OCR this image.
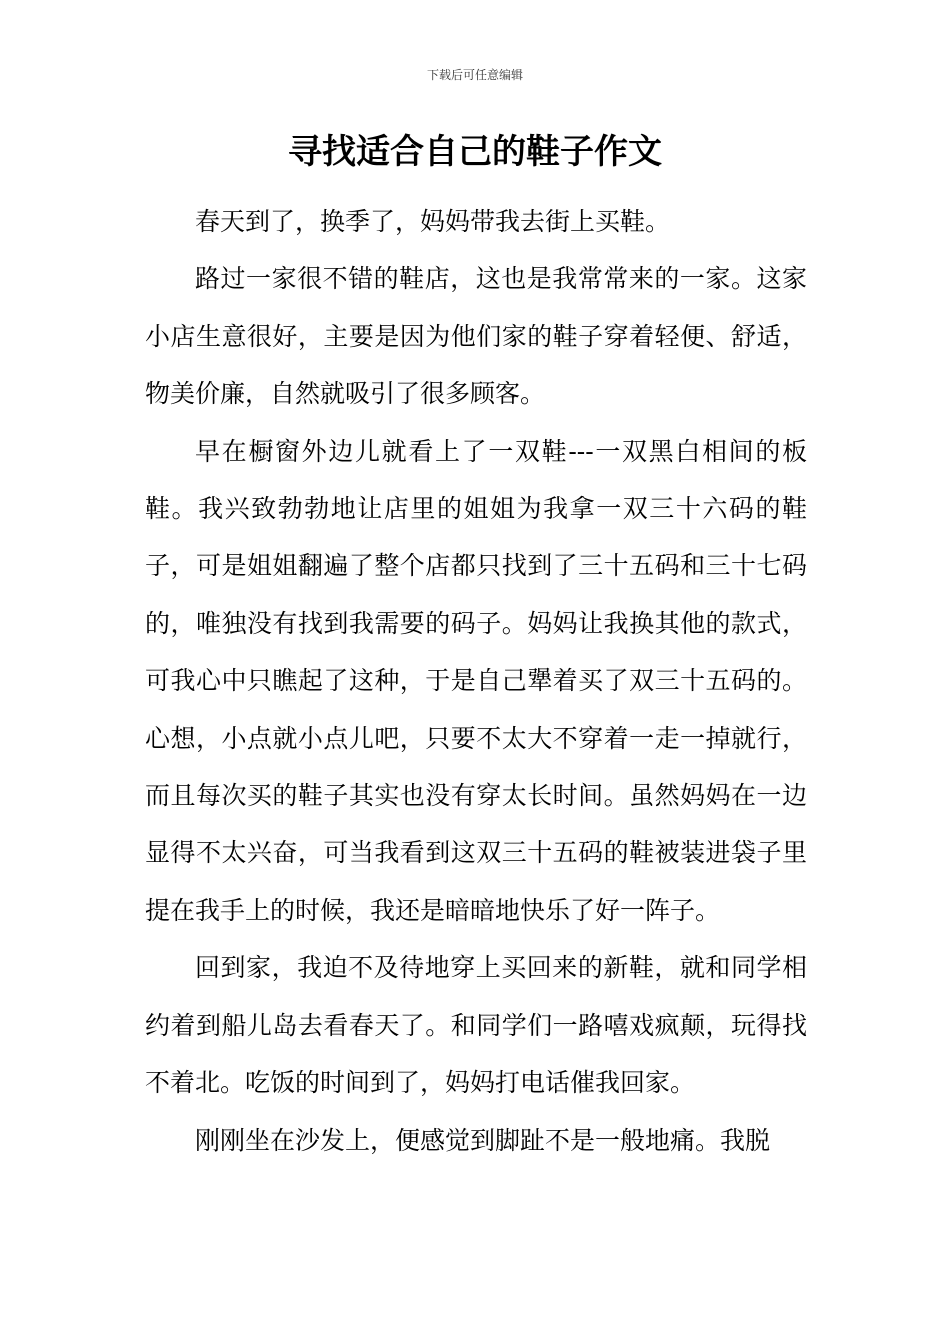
下载后可任意编辑
寻找适合自己的鞋子作文

春天到了，换季了，妈妈带我去街上买鞋。

路过一家很不错的鞋店，这也是我常常来的一家。这家小店生意很好，主要是因为他们家的鞋子穿着轻便、舒适，物美价廉，自然就吸引了很多顾客。

早在橱窗外边儿就看上了一双鞋---一双黑白相间的板鞋。我兴致勃勃地让店里的姐姐为我拿一双三十六码的鞋子，可是姐姐翻遍了整个店都只找到了三十五码和三十七码的，唯独没有找到我需要的码子。妈妈让我换其他的款式，可我心中只瞧起了这种，于是自己犟着买了双三十五码的。心想，小点就小点儿吧，只要不太大不穿着一走一掉就行，而且每次买的鞋子其实也没有穿太长时间。虽然妈妈在一边显得不太兴奋，可当我看到这双三十五码的鞋被装进袋子里提在我手上的时候，我还是暗暗地快乐了好一阵子。

回到家，我迫不及待地穿上买回来的新鞋，就和同学相约着到船儿岛去看春天了。和同学们一路嘻戏疯颠，玩得找不着北。吃饭的时间到了，妈妈打电话催我回家。

刚刚坐在沙发上，便感觉到脚趾不是一般地痛。我脱
